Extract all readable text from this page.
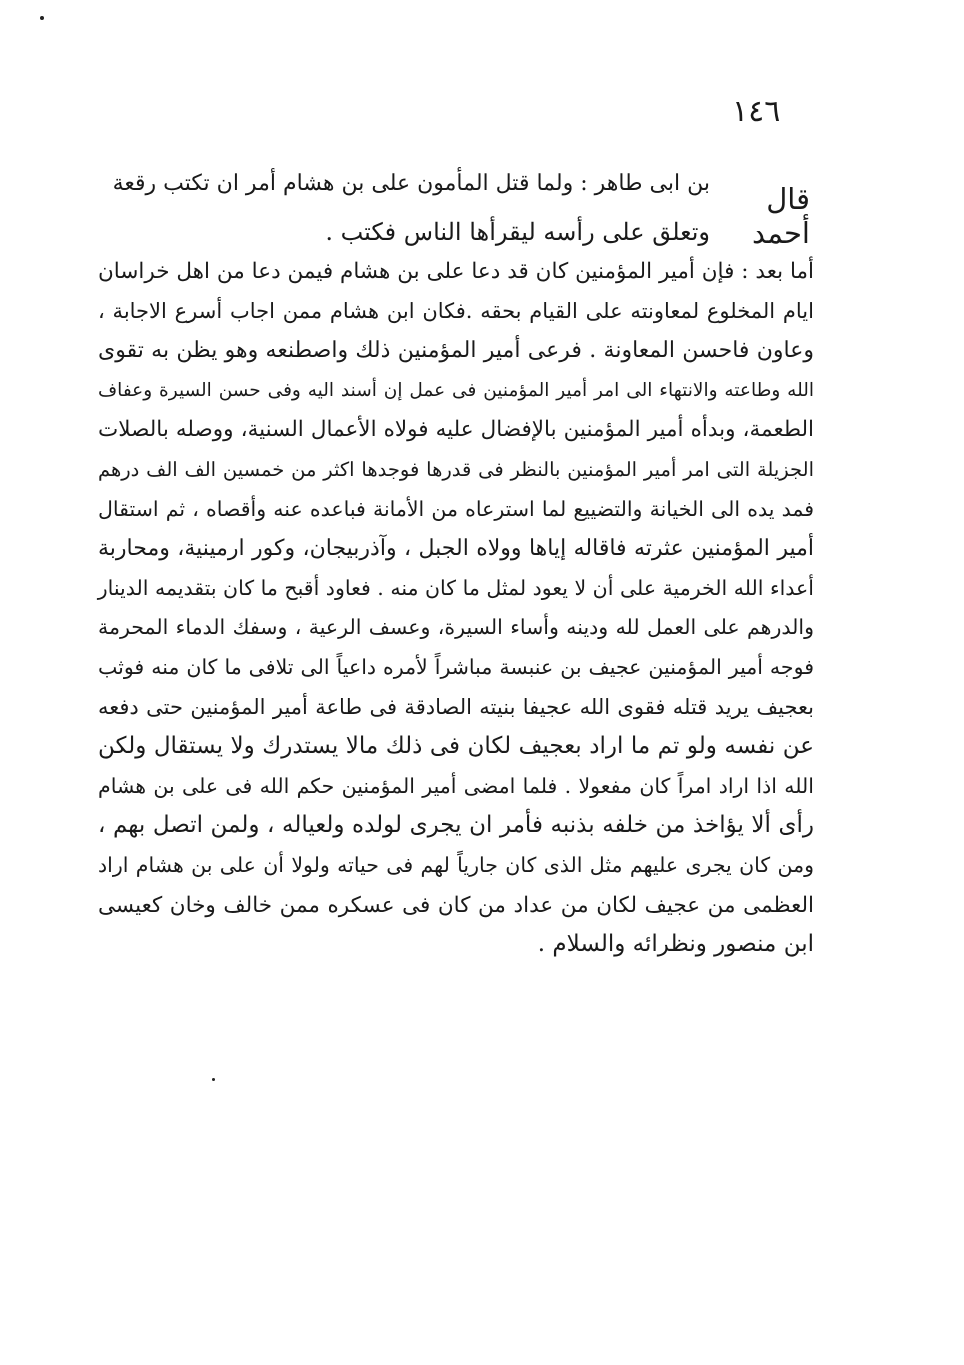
١٤٦
قال أحمد
بن ابى طاهر : ولما قتل المأمون على بن هشام أمر ان تكتب رقعة
وتعلق على رأسه ليقرأها الناس فكتب .
أما بعد : فإن أمير المؤمنين كان قد دعا على بن هشام فيمن دعا من اهل خراسان
ايام المخلوع لمعاونته على القيام بحقه .فكان ابن هشام ممن اجاب أسرع الاجابة ،
وعاون فاحسن المعاونة . فرعى أمير المؤمنين ذلك واصطنعه وهو يظن به تقوى
الله وطاعته والانتهاء الى امر أمير المؤمنين فى عمل إن أسند اليه وفى حسن السيرة وعفاف
الطعمة، وبدأه أمير المؤمنين بالإفضال عليه فولاه الأعمال السنية، ووصله بالصلات
الجزيلة التى امر أمير المؤمنين بالنظر فى قدرها فوجدها اكثر من خمسين الف الف درهم
فمد يده الى الخيانة والتضييع لما استرعاه من الأمانة فباعده عنه وأقصاه ، ثم استقال
أمير المؤمنين عثرته فاقاله إياها وولاه الجبل ، وآذربيجان، وكور ارمينية، ومحاربة
أعداء الله الخرمية على أن لا يعود لمثل ما كان منه . فعاود أقبح ما كان بتقديمه الدينار
والدرهم على العمل لله ودينه وأساء السيرة، وعسف الرعية ، وسفك الدماء المحرمة
فوجه أمير المؤمنين عجيف بن عنبسة مباشراً لأمره داعياً الى تلافى ما كان منه فوثب
بعجيف يريد قتله فقوى الله عجيفا بنيته الصادقة فى طاعة أمير المؤمنين حتى دفعه
عن نفسه ولو تم ما اراد بعجيف لكان فى ذلك مالا يستدرك ولا يستقال ولكن
الله اذا اراد امراً كان مفعولا . فلما امضى أمير المؤمنين حكم الله فى على بن هشام
رأى ألا يؤاخذ من خلفه بذنبه فأمر ان يجرى لولده ولعياله ، ولمن اتصل بهم ،
ومن كان يجرى عليهم مثل الذى كان جارياً لهم فى حياته ولولا أن على بن هشام اراد
العظمى من عجيف لكان من عداد من كان فى عسكره ممن خالف وخان كعيسى
ابن منصور ونظرائه والسلام .
